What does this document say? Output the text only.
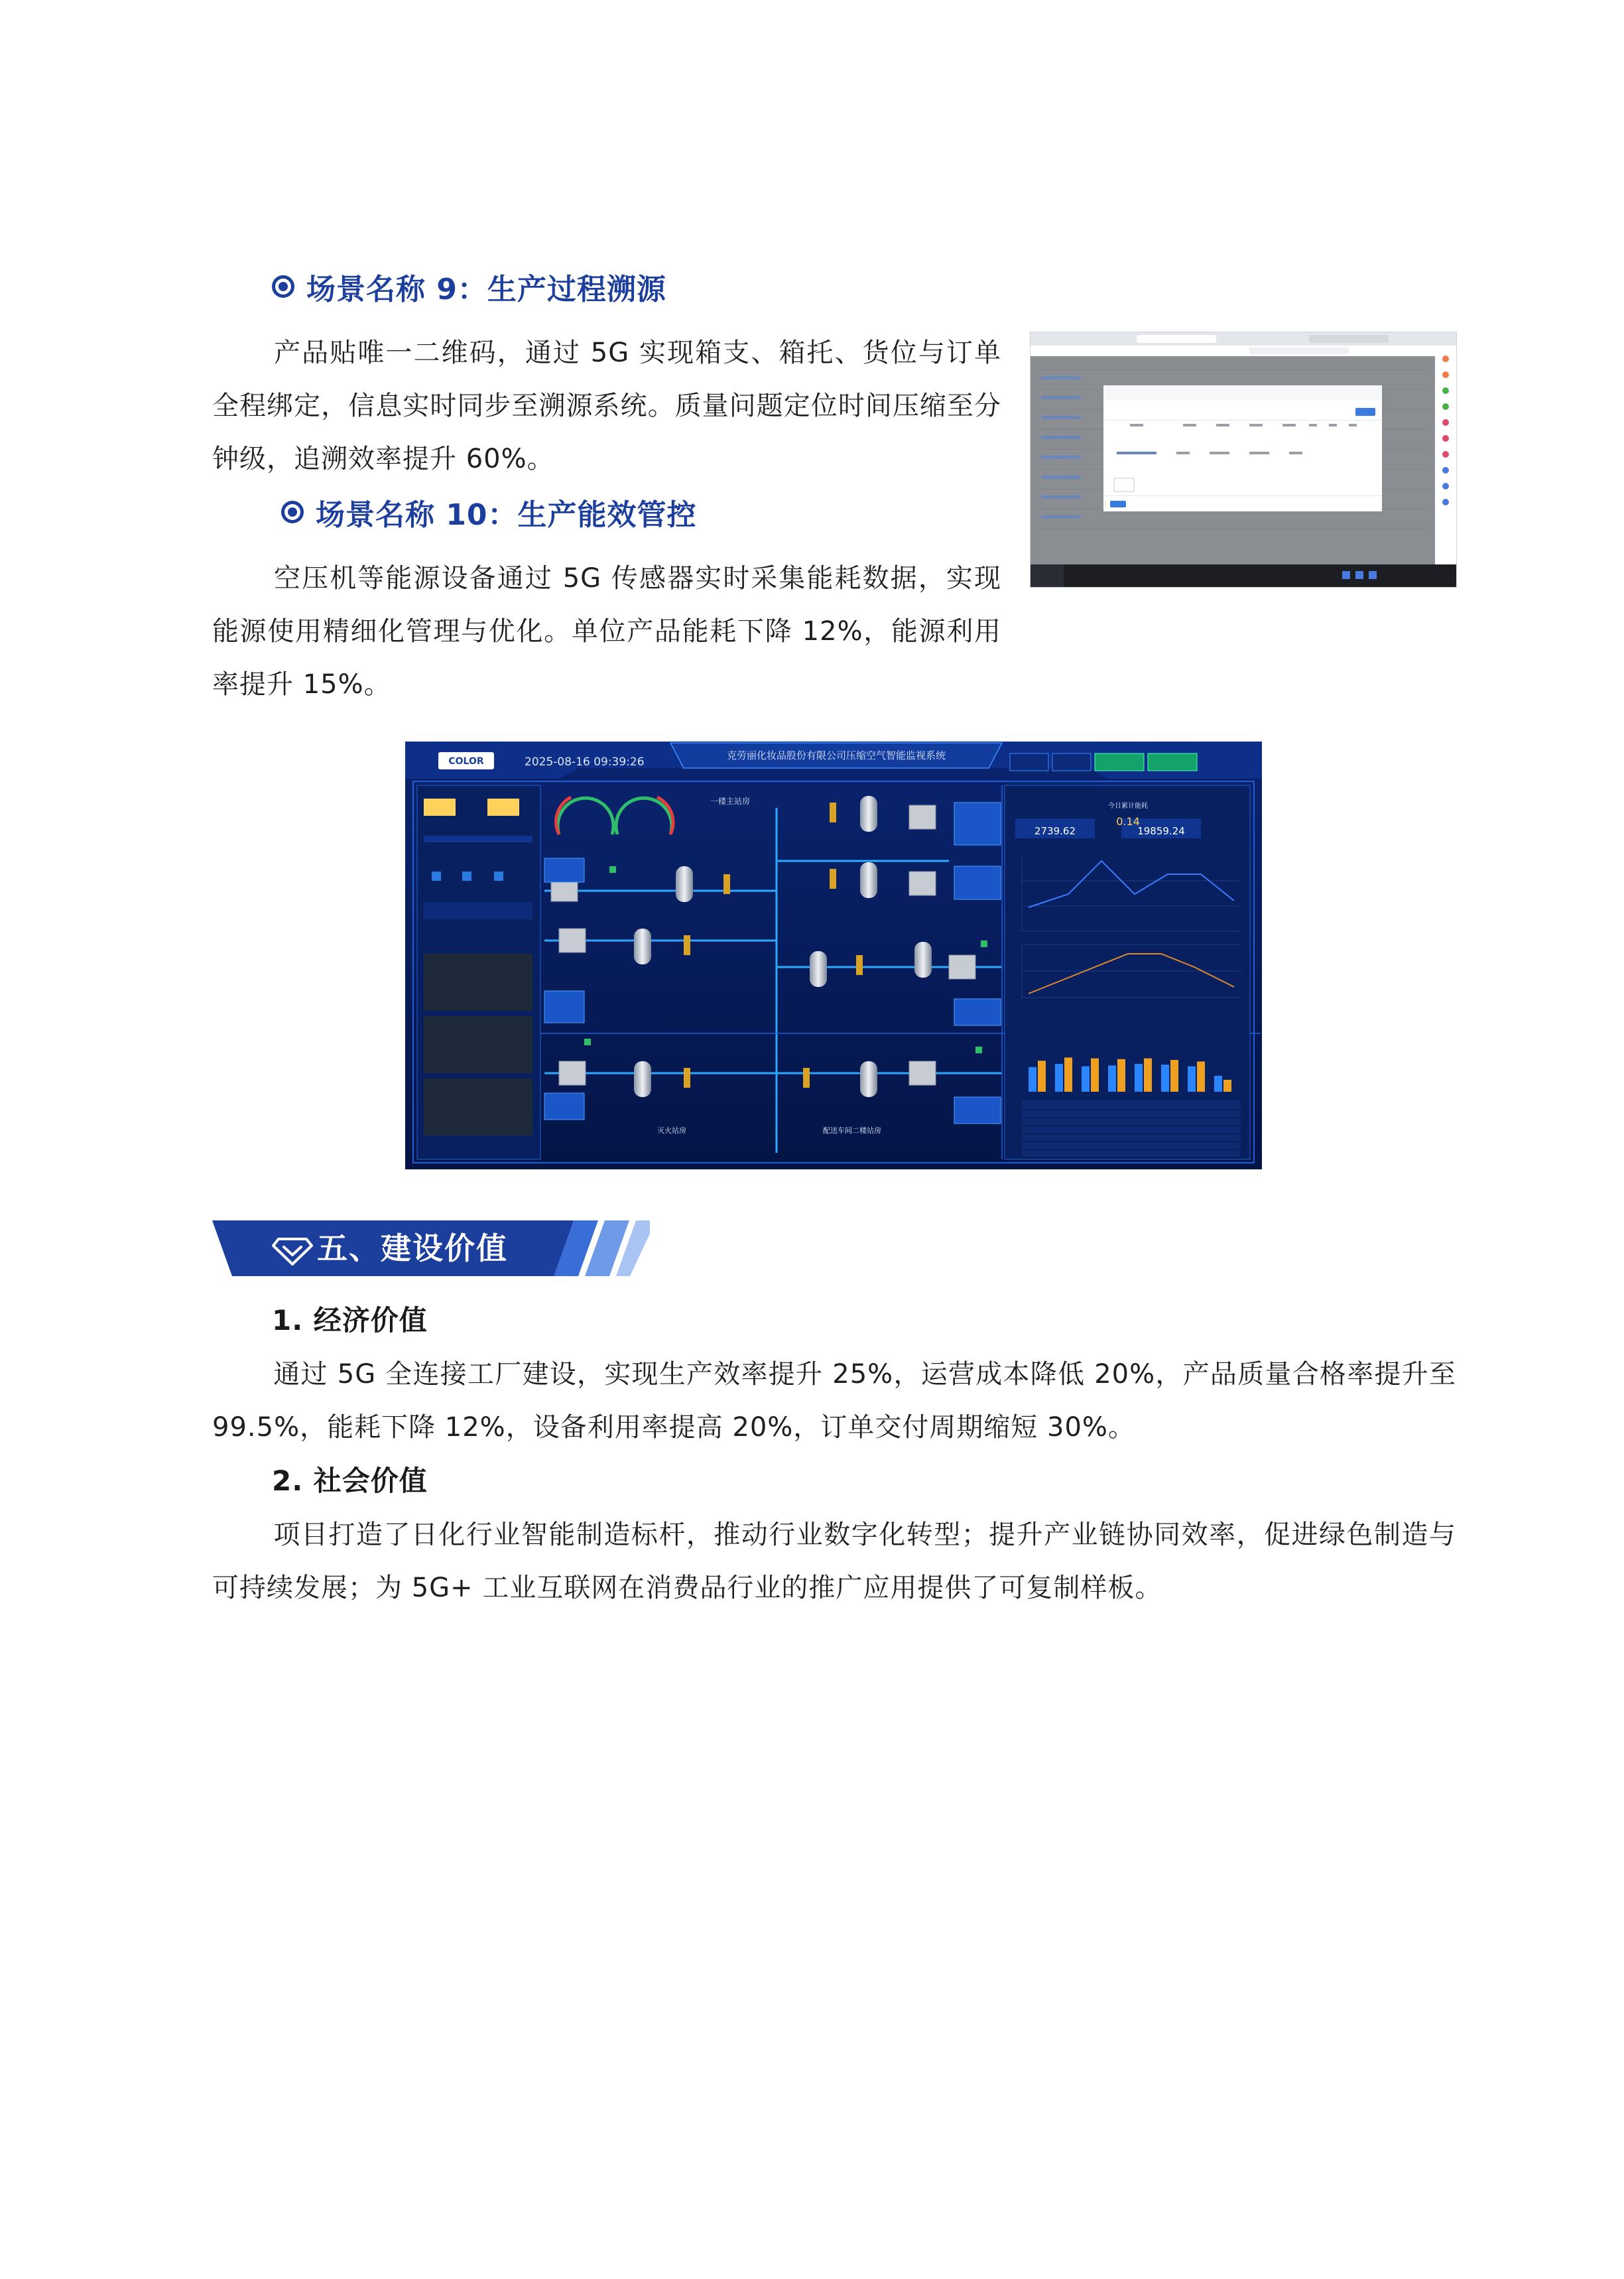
场景名称 9：生产过程溯源

产品贴唯一二维码，通过 5G 实现箱支、箱托、货位与订单全程绑定，信息实时同步至溯源系统。质量问题定位时间压缩至分钟级，追溯效率提升 60%。

场景名称 10：生产能效管控

空压机等能源设备通过 5G 传感器实时采集能耗数据，实现能源使用精细化管理与优化。单位产品能耗下降 12%，能源利用率提升 15%。

COLOR	2025-08-16 09:39:26	克劳丽化妆品股份有限公司压缩空气智能监视系统
一楼主站房
灭火站房	配送车间二楼站房
今日累计能耗
0.14
2739.62	19859.24
五、建设价值
1. 经济价值

通过 5G 全连接工厂建设，实现生产效率提升 25%，运营成本降低 20%，产品质量合格率提升至 99.5%，能耗下降 12%，设备利用率提高 20%，订单交付周期缩短 30%。

2. 社会价值

项目打造了日化行业智能制造标杆，推动行业数字化转型；提升产业链协同效率，促进绿色制造与可持续发展；为 5G+ 工业互联网在消费品行业的推广应用提供了可复制样板。
